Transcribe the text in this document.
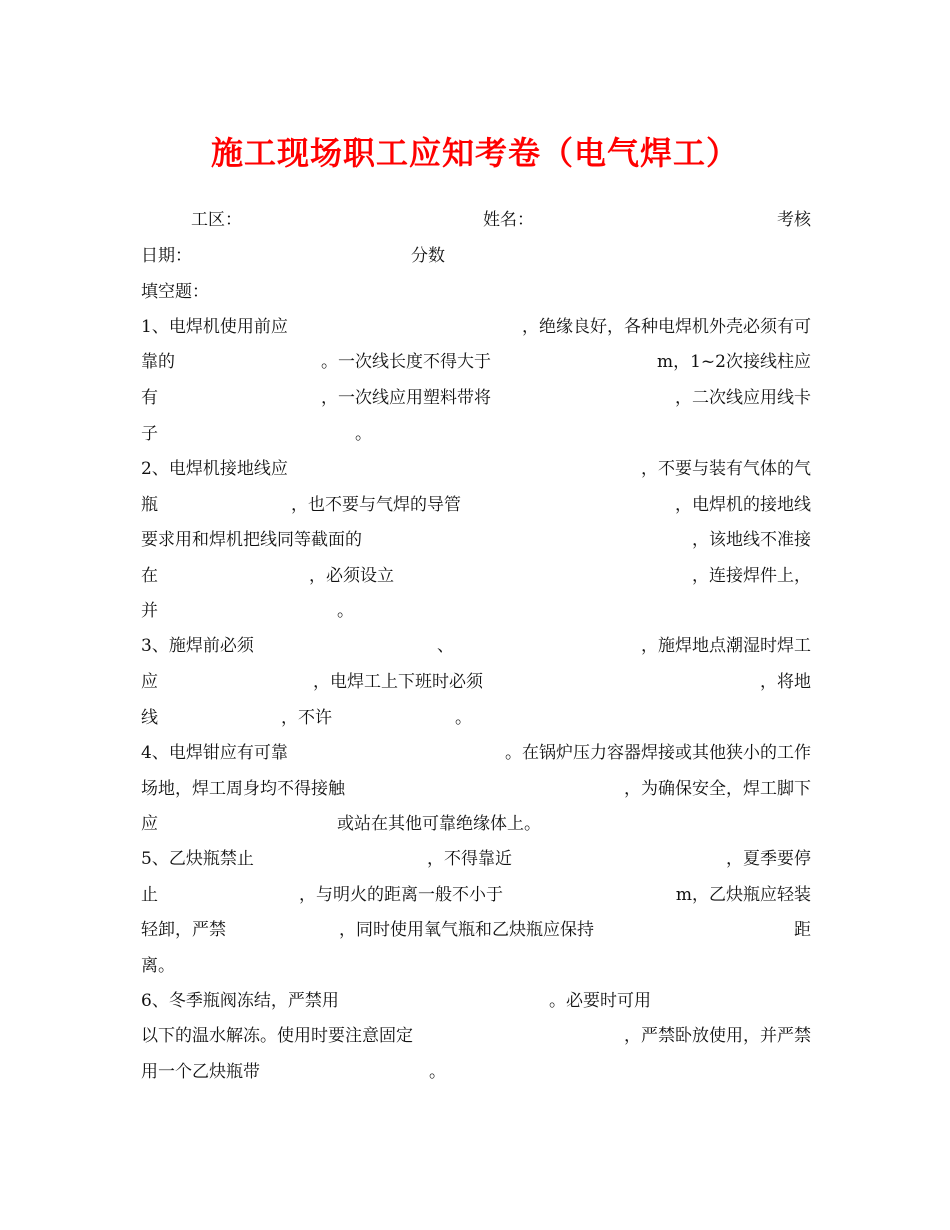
施工现场职工应知考卷（电气焊工）
工区：	姓名：	考核
日期：	分数
填空题：
1、电焊机使用前应	，绝缘良好，各种电焊机外壳必须有可
靠的	。一次线长度不得大于	m，1~2次接线柱应
有	，一次线应用塑料带将	，二次线应用线卡
子	。
2、电焊机接地线应	，不要与装有气体的气
瓶	，也不要与气焊的导管	，电焊机的接地线
要求用和焊机把线同等截面的	，该地线不准接
在	，必须设立	，连接焊件上，
并	。
3、施焊前必须	、	，施焊地点潮湿时焊工
应	，电焊工上下班时必须	，将地
线	，不许	。
4、电焊钳应有可靠	。在锅炉压力容器焊接或其他狭小的工作
场地，焊工周身均不得接触	，为确保安全，焊工脚下
应	或站在其他可靠绝缘体上。
5、乙炔瓶禁止	，不得靠近	，夏季要停
止	，与明火的距离一般不小于	m，乙炔瓶应轻装
轻卸，严禁	，同时使用氧气瓶和乙炔瓶应保持	距
离。
6、冬季瓶阀冻结，严禁用	。必要时可用
以下的温水解冻。使用时要注意固定	，严禁卧放使用，并严禁
用一个乙炔瓶带	。
